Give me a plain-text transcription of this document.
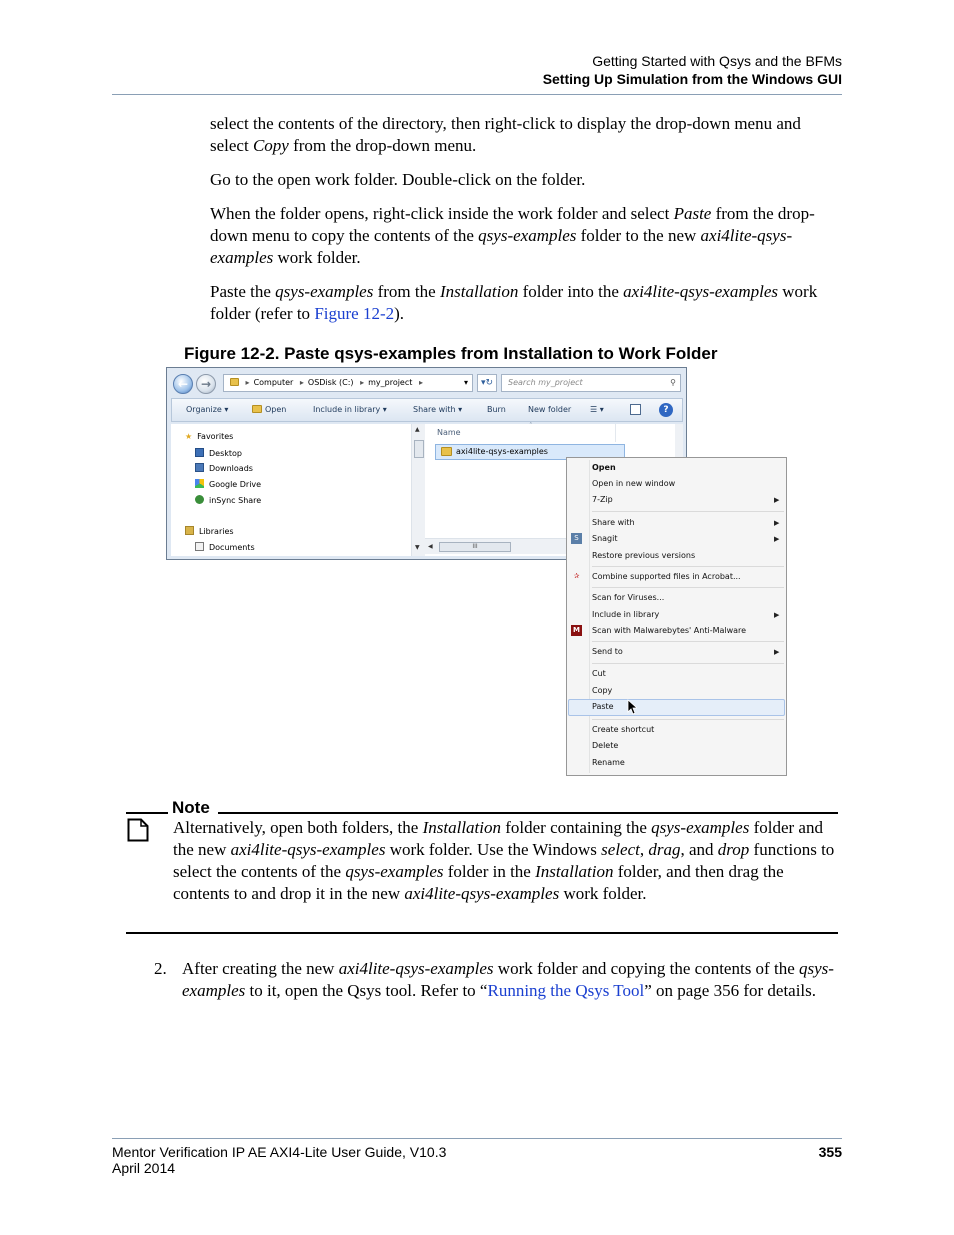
Getting Started with Qsys and the BFMs
Setting Up Simulation from the Windows GUI
select the contents of the directory, then right-click to display the drop-down menu and select Copy from the drop-down menu.
Go to the open work folder. Double-click on the folder.
When the folder opens, right-click inside the work folder and select Paste from the drop-down menu to copy the contents of the qsys-examples folder to the new axi4lite-qsys-examples work folder.
Paste the qsys-examples from the Installation folder into the axi4lite-qsys-examples work folder (refer to Figure 12-2).
Figure 12-2. Paste qsys-examples from Installation to Work Folder
←	→	▸ Computer ▸ OSDisk (C:) ▸ my_project ▸	▾	▾↻	Search my_project	⚲
Organize ▾	Open	Include in library ▾	Share with ▾	Burn	New folder ☰ ▾	?
★ Favorites
Desktop
Downloads
Google Drive
inSync Share
Libraries
Documents
▲
▼
ˆ
Name
axi4lite-qsys-examples
◀	III
Open
Open in new window
7-Zip	▶
Share with	▶
S	Snagit	▶
Restore previous versions
✰	Combine supported files in Acrobat...
Scan for Viruses...
Include in library	▶
M Scan with Malwarebytes' Anti-Malware
Send to	▶
Cut
Copy
Paste
Create shortcut
Delete
Rename
Note
Alternatively, open both folders, the Installation folder containing the qsys-examples folder and the new axi4lite-qsys-examples work folder. Use the Windows select, drag, and drop functions to select the contents of the qsys-examples folder in the Installation folder, and then drag the contents to and drop it in the new axi4lite-qsys-examples work folder.
2. After creating the new axi4lite-qsys-examples work folder and copying the contents of the qsys-examples to it, open the Qsys tool. Refer to “Running the Qsys Tool” on page 356 for details.
Mentor Verification IP AE AXI4-Lite User Guide, V10.3
April 2014
355
